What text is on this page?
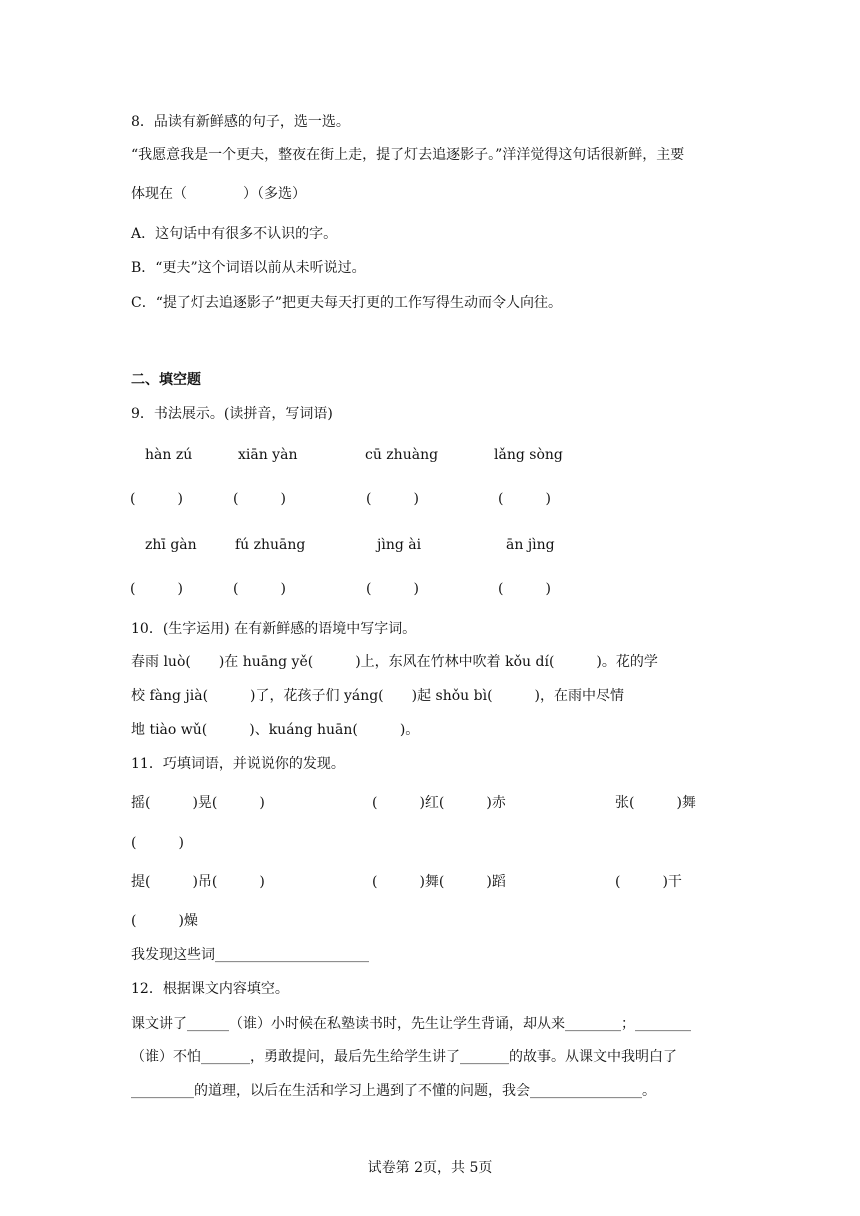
8．品读有新鲜感的句子，选一选。
“我愿意我是一个更夫，整夜在街上走，提了灯去追逐影子。”洋洋觉得这句话很新鲜，主要
体现在（　　　　）（多选）
A．这句话中有很多不认识的字。
B．“更夫”这个词语以前从未听说过。
C．“提了灯去追逐影子”把更夫每天打更的工作写得生动而令人向往。
二、填空题
9．书法展示。(读拼音，写词语)
hàn zú	xiān yàn	cū zhuàng	lǎng sòng
(　　　)	(　　　)	(　　　)	(　　　)
zhī gàn	fú zhuāng	jìng ài	ān jìng
(　　　)	(　　　)	(　　　)	(　　　)
10．(生字运用) 在有新鲜感的语境中写字词。
春雨 luò(　　)在 huāng yě(　　　)上，东风在竹林中吹着 kǒu dí(　　　)。花的学
校 fàng jià(　　　)了，花孩子们 yáng(　　)起 shǒu bì(　　　)，在雨中尽情
地 tiào wǔ(　　　)、kuáng huān(　　　)。
11．巧填词语，并说说你的发现。
摇(　　　)晃(　　　)	(　　　)红(　　　)赤	张(　　　)舞
(　　　)
提(　　　)吊(　　　)	(　　　)舞(　　　)蹈	(　　　)干
(　　　)燥
我发现这些词______________________
12．根据课文内容填空。
课文讲了______（谁）小时候在私塾读书时，先生让学生背诵，却从来________；________
（谁）不怕_______，勇敢提问，最后先生给学生讲了_______的故事。从课文中我明白了
_________的道理，以后在生活和学习上遇到了不懂的问题，我会________________。
试卷第 2页，共 5页
